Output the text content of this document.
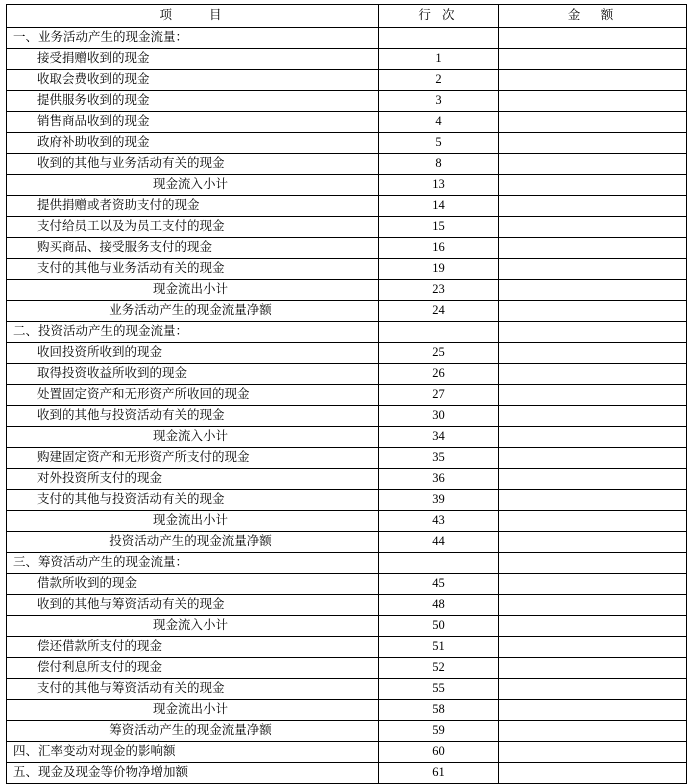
项　　目	行 次	金　额
一、业务活动产生的现金流量：		
接受捐赠收到的现金	1	
收取会费收到的现金	2	
提供服务收到的现金	3	
销售商品收到的现金	4	
政府补助收到的现金	5	
收到的其他与业务活动有关的现金	8	
现金流入小计	13	
提供捐赠或者资助支付的现金	14	
支付给员工以及为员工支付的现金	15	
购买商品、接受服务支付的现金	16	
支付的其他与业务活动有关的现金	19	
现金流出小计	23	
业务活动产生的现金流量净额	24	
二、投资活动产生的现金流量：		
收回投资所收到的现金	25	
取得投资收益所收到的现金	26	
处置固定资产和无形资产所收回的现金	27	
收到的其他与投资活动有关的现金	30	
现金流入小计	34	
购建固定资产和无形资产所支付的现金	35	
对外投资所支付的现金	36	
支付的其他与投资活动有关的现金	39	
现金流出小计	43	
投资活动产生的现金流量净额	44	
三、筹资活动产生的现金流量：		
借款所收到的现金	45	
收到的其他与筹资活动有关的现金	48	
现金流入小计	50	
偿还借款所支付的现金	51	
偿付利息所支付的现金	52	
支付的其他与筹资活动有关的现金	55	
现金流出小计	58	
筹资活动产生的现金流量净额	59	
四、汇率变动对现金的影响额	60	
五、现金及现金等价物净增加额	61	
